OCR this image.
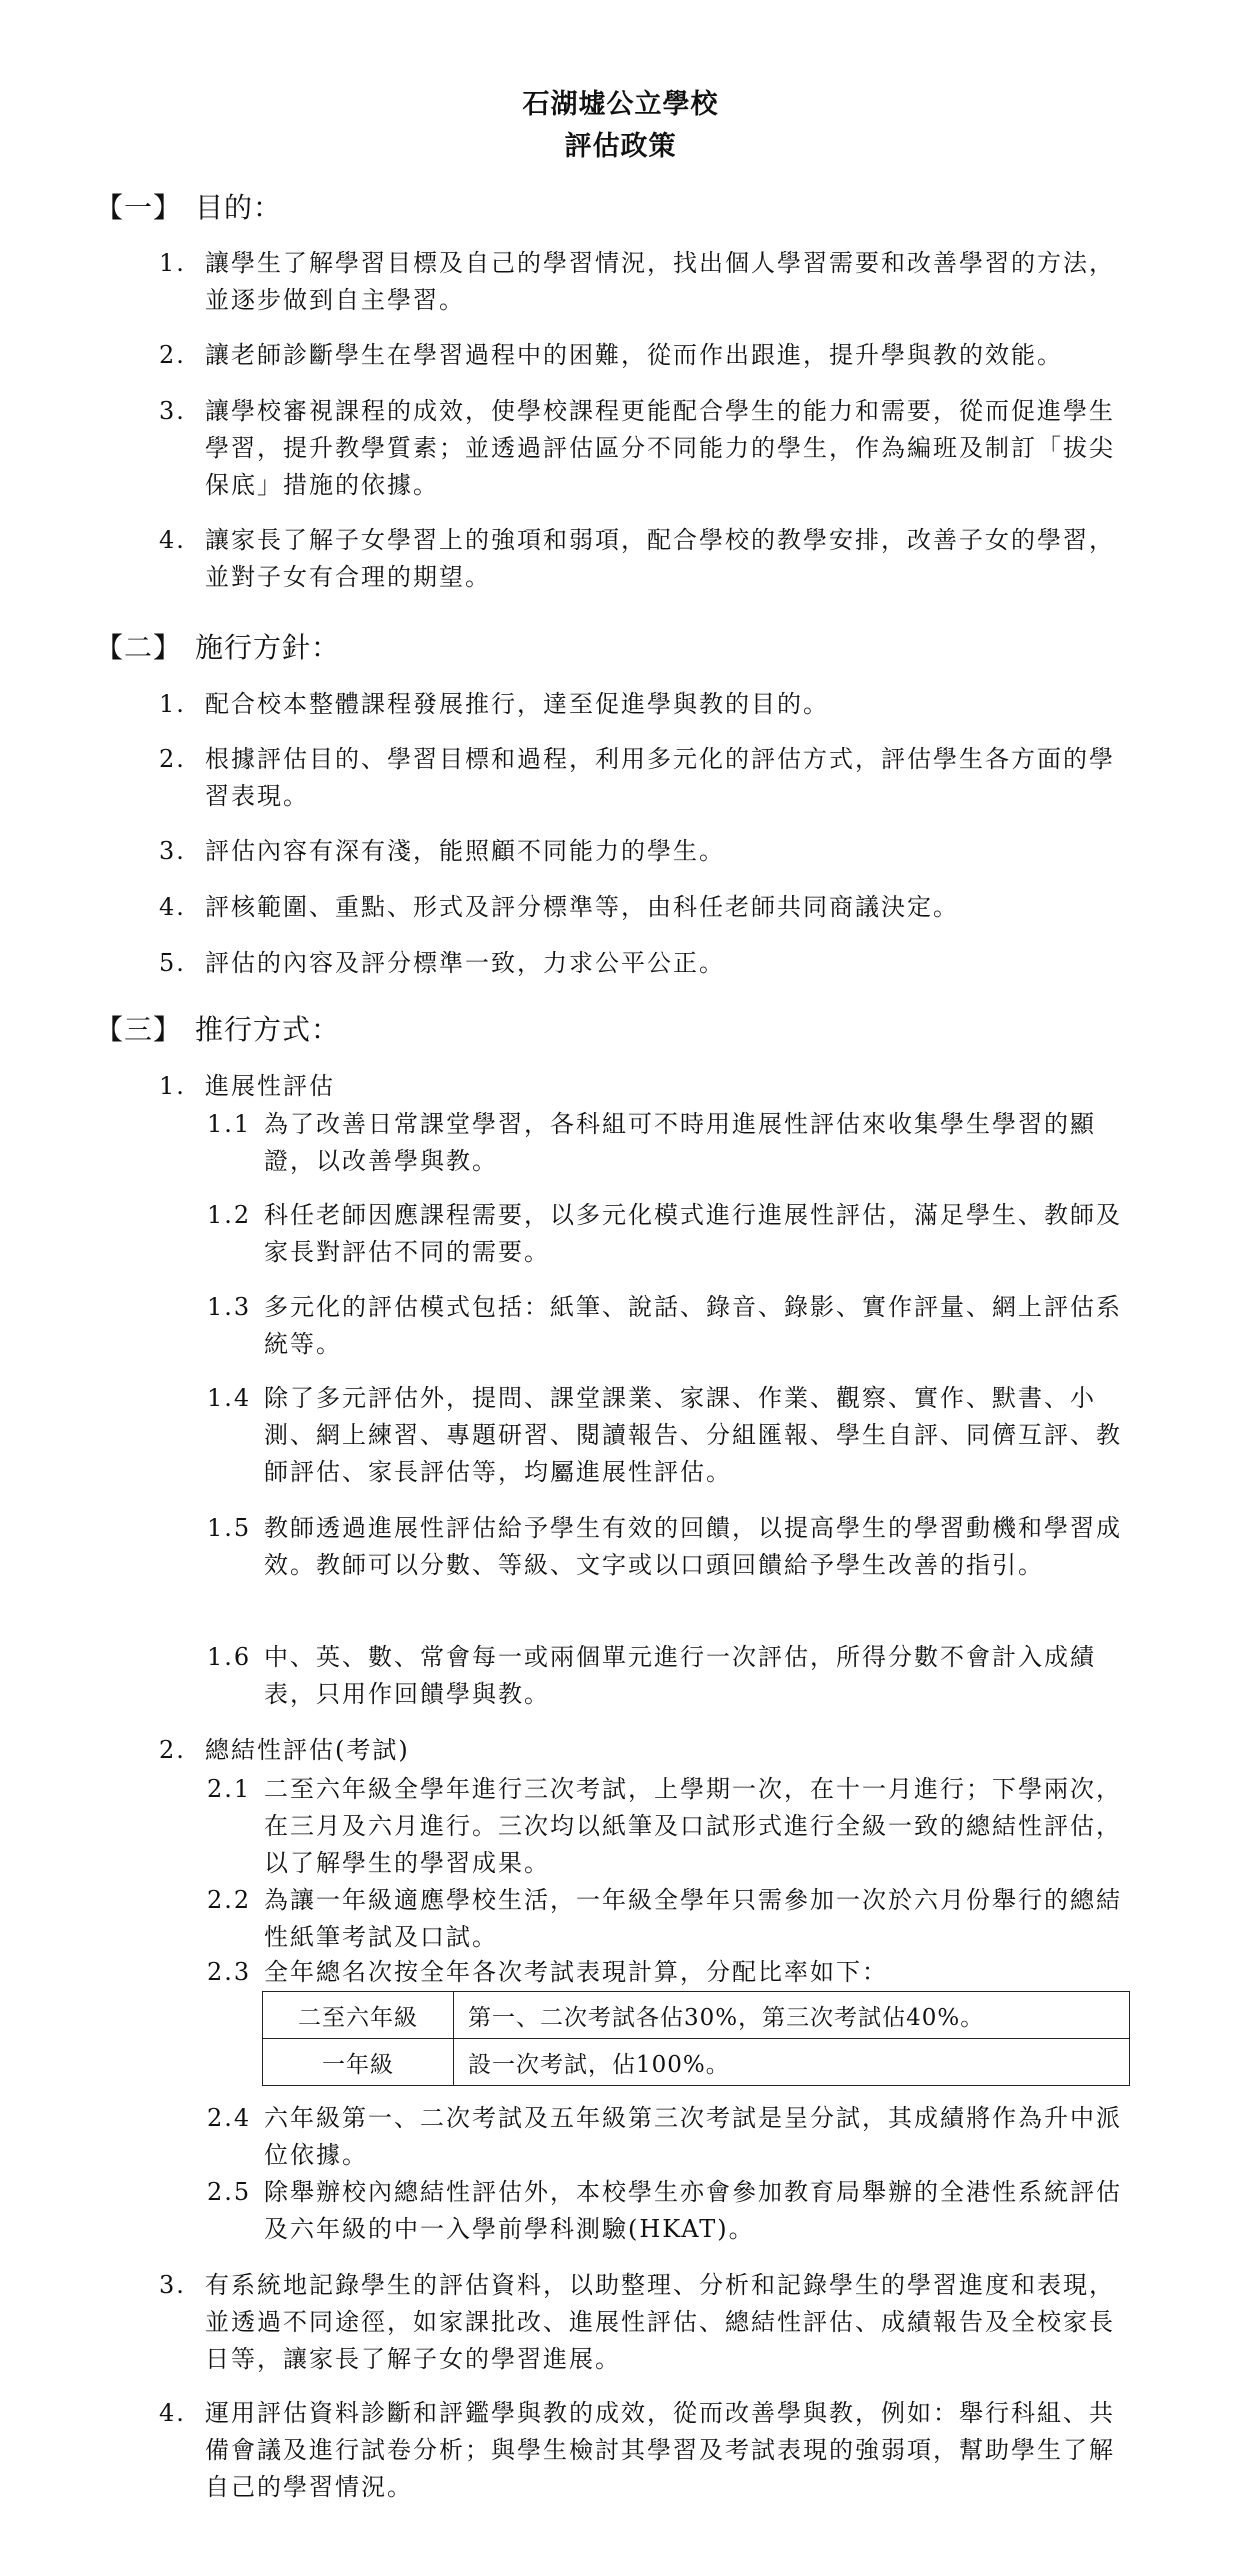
石湖墟公立學校
評估政策
【一】 目的：
1. 讓學生了解學習目標及自己的學習情況，找出個人學習需要和改善學習的方法，並逐步做到自主學習。
2. 讓老師診斷學生在學習過程中的困難，從而作出跟進，提升學與教的效能。
3. 讓學校審視課程的成效，使學校課程更能配合學生的能力和需要，從而促進學生學習，提升教學質素；並透過評估區分不同能力的學生，作為編班及制訂「拔尖保底」措施的依據。
4. 讓家長了解子女學習上的強項和弱項，配合學校的教學安排，改善子女的學習，並對子女有合理的期望。
【二】 施行方針：
1. 配合校本整體課程發展推行，達至促進學與教的目的。
2. 根據評估目的、學習目標和過程，利用多元化的評估方式，評估學生各方面的學習表現。
3. 評估內容有深有淺，能照顧不同能力的學生。
4. 評核範圍、重點、形式及評分標準等，由科任老師共同商議決定。
5. 評估的內容及評分標準一致，力求公平公正。
【三】 推行方式：
1. 進展性評估
1.1 為了改善日常課堂學習，各科組可不時用進展性評估來收集學生學習的顯證，以改善學與教。
1.2 科任老師因應課程需要，以多元化模式進行進展性評估，滿足學生、教師及家長對評估不同的需要。
1.3 多元化的評估模式包括：紙筆、說話、錄音、錄影、實作評量、網上評估系統等。
1.4 除了多元評估外，提問、課堂課業、家課、作業、觀察、實作、默書、小測、網上練習、專題研習、閱讀報告、分組匯報、學生自評、同儕互評、教師評估、家長評估等，均屬進展性評估。
1.5 教師透過進展性評估給予學生有效的回饋，以提高學生的學習動機和學習成效。教師可以分數、等級、文字或以口頭回饋給予學生改善的指引。
1.6 中、英、數、常會每一或兩個單元進行一次評估，所得分數不會計入成績表，只用作回饋學與教。
2. 總結性評估(考試)
2.1 二至六年級全學年進行三次考試，上學期一次，在十一月進行；下學兩次，在三月及六月進行。三次均以紙筆及口試形式進行全級一致的總結性評估，以了解學生的學習成果。
2.2 為讓一年級適應學校生活，一年級全學年只需參加一次於六月份舉行的總結性紙筆考試及口試。
2.3 全年總名次按全年各次考試表現計算，分配比率如下：
二至六年級	第一、二次考試各佔30%，第三次考試佔40%。
一年級	設一次考試，佔100%。
2.4 六年級第一、二次考試及五年級第三次考試是呈分試，其成績將作為升中派位依據。
2.5 除舉辦校內總結性評估外，本校學生亦會參加教育局舉辦的全港性系統評估及六年級的中一入學前學科測驗(HKAT)。
3. 有系統地記錄學生的評估資料，以助整理、分析和記錄學生的學習進度和表現，並透過不同途徑，如家課批改、進展性評估、總結性評估、成績報告及全校家長日等，讓家長了解子女的學習進展。
4. 運用評估資料診斷和評鑑學與教的成效，從而改善學與教，例如：舉行科組、共備會議及進行試卷分析；與學生檢討其學習及考試表現的強弱項，幫助學生了解自己的學習情況。
